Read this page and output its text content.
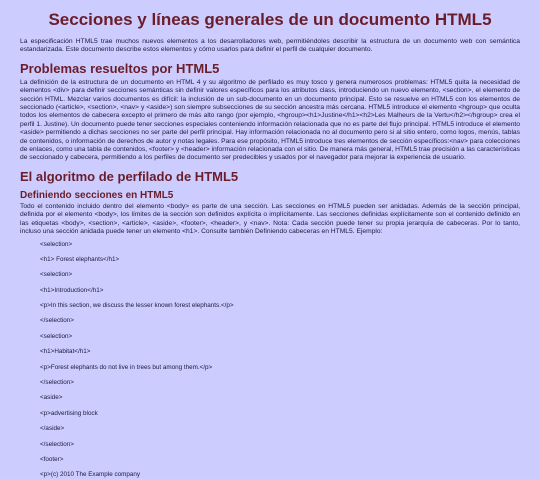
Secciones y líneas generales de un documento HTML5

La especificación HTML5 trae muchos nuevos elementos a los desarrolladores web, permitiéndoles describir la estructura de un documento web con semántica estandarizada. Este documento describe estos elementos y cómo usarlos para definir el perfil de cualquier documento.

Problemas resueltos por HTML5

La definición de la estructura de un documento en HTML 4 y su algoritmo de perfilado es muy tosco y genera numerosos problemas: HTML5 quita la necesidad de elementos <div> para definir secciones semánticas sin definir valores específicos para los atributos class, introduciendo un nuevo elemento, <section>, el elemento de sección HTML. Mezclar varios documentos es difícil: la inclusión de un sub-documento en un documento principal. Esto se resuelve en HTML5 con los elementos de seccionado (<article>, <section>, <nav> y <aside>) son siempre subsecciones de su sección ancestra más cercana. HTML5 introduce el elemento <hgroup> que oculta todos los elementos de cabecera excepto el primero de más alto rango (por ejemplo, <hgroup><h1>Justine</h1><h2>Les Malheurs de la Vertu</h2></hgroup> crea el perfil 1. Justine). Un documento puede tener secciones especiales conteniendo información relacionada que no es parte del flujo principal. HTML5 introduce el elemento <aside> permitiendo a dichas secciones no ser parte del perfil principal. Hay información relacionada no al documento pero si al sitio entero, como logos, menús, tablas de contenidos, o información de derechos de autor y notas legales. Para ese propósito, HTML5 introduce tres elementos de sección específicos:<nav> para colecciones de enlaces, como una tabla de contenidos, <footer> y <header> información relacionada con el sitio. De manera más general, HTML5 trae precisión a las características de seccionado y cabecera, permitiendo a los perfiles de documento ser predecibles y usados por el navegador para mejorar la experiencia de usuario.

El algoritmo de perfilado de HTML5
Definiendo secciones en HTML5

Todo el contenido incluido dentro del elemento <body> es parte de una sección. Las secciones en HTML5 pueden ser anidadas. Además de la sección principal, definida por el elemento <body>, los límites de la sección son definidos explícita o implícitamente. Las secciones definidas explícitamente son el contenido definido en las etiquetas <body>, <section>, <article>, <aside>, <footer>, <header>, y <nav>. Nota: Cada sección puede tener su propia jerarquía de cabeceras. Por lo tanto, incluso una sección anidada puede tener un elemento <h1>. Consulte también Definiendo cabeceras en HTML5. Ejemplo:

<selection>
<h1> Forest elephants</h1>
<selection>
<h1>Introduction</h1>
<p>In this section, we discuss the lesser known forest elephants.</p>
</selection>
<selection>
<h1>Habitat</h1>
<p>Forest elephants do not live in trees but among them.</p>
</selection>
<aside>
<p>advertising block
</aside>
</selection>
<footer>
<p>(c) 2010 The Example company
